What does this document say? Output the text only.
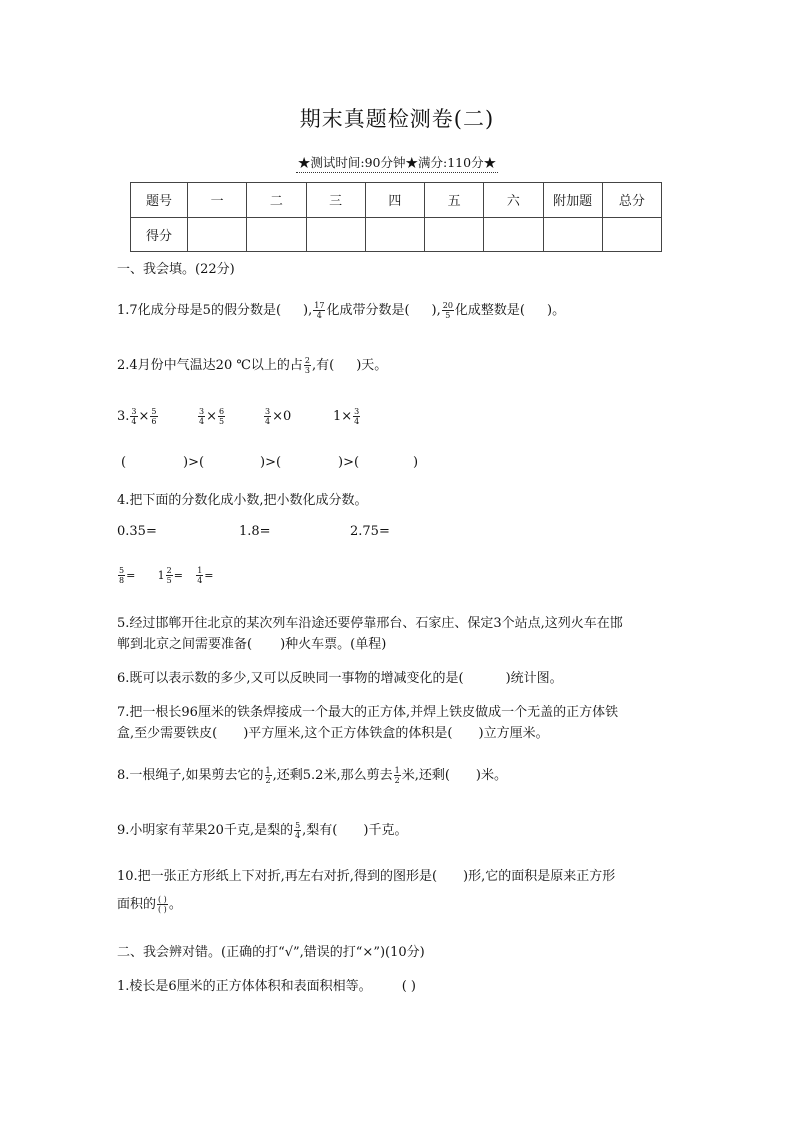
期末真题检测卷(二)
★测试时间:90分钟★满分:110分★
题号	一	二	三	四	五	六	附加题	总分
得分								
一、我会填。(22分)
1.7化成分母是5的假分数是( ), $\frac{17}{4}$ 化成带分数是( ), $\frac{20}{5}$ 化成整数是( )。
2.4月份中气温达20 ℃以上的占 $\frac{2}{3}$ ,有( )天。
3. $\frac{3}{4} \times \frac{5}{6}$	$\frac{3}{4} \times \frac{6}{5}$	$\frac{3}{4} \times 0$	$1\times \frac{3}{4}$
(	)>(	)>(	)>(	)
4.把下面的分数化成小数,把小数化成分数。
0.35=	1.8=	2.75=
$\frac{5}{8} = 1 \frac{2}{5} = \frac{1}{4}$ =
5.经过邯郸开往北京的某次列车沿途还要停靠邢台、石家庄、保定3个站点,这列火车在邯
郸到北京之间需要准备( )种火车票。(单程)
6.既可以表示数的多少,又可以反映同一事物的增减变化的是(	)统计图。
7.把一根长96厘米的铁条焊接成一个最大的正方体,并焊上铁皮做成一个无盖的正方体铁
盒,至少需要铁皮( )平方厘米,这个正方体铁盒的体积是( )立方厘米。
8.一根绳子,如果剪去它的 $\frac{1}{2}$ ,还剩5.2米,那么剪去 $\frac{1}{2}$ 米,还剩( )米。
9.小明家有苹果20千克,是梨的 $\frac{5}{4}$ ,梨有( )千克。
10.把一张正方形纸上下对折,再左右对折,得到的图形是( )形,它的面积是原来正方形
面积的 ( )
( ) 。
二、我会辨对错。(正确的打“√”,错误的打“×”)(10分)
1.棱长是6厘米的正方体体积和表面积相等。 ( )
